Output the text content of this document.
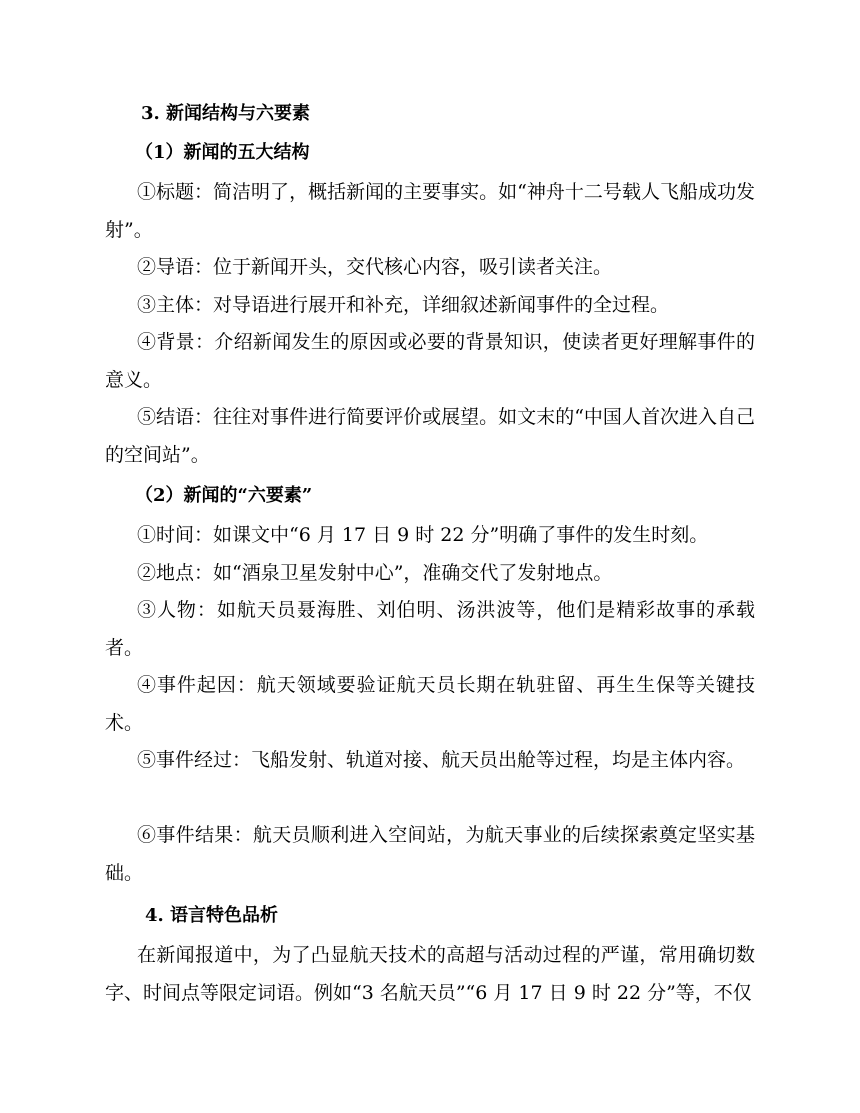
3. 新闻结构与六要素
（1）新闻的五大结构
①标题：简洁明了，概括新闻的主要事实。如“神舟十二号载人飞船成功发射”。
②导语：位于新闻开头，交代核心内容，吸引读者关注。
③主体：对导语进行展开和补充，详细叙述新闻事件的全过程。
④背景：介绍新闻发生的原因或必要的背景知识，使读者更好理解事件的意义。
⑤结语：往往对事件进行简要评价或展望。如文末的“中国人首次进入自己的空间站”。
（2）新闻的“六要素”
①时间：如课文中“6 月 17 日 9 时 22 分”明确了事件的发生时刻。
②地点：如“酒泉卫星发射中心”，准确交代了发射地点。
③人物：如航天员聂海胜、刘伯明、汤洪波等，他们是精彩故事的承载者。
④事件起因：航天领域要验证航天员长期在轨驻留、再生生保等关键技术。
⑤事件经过：飞船发射、轨道对接、航天员出舱等过程，均是主体内容。
⑥事件结果：航天员顺利进入空间站，为航天事业的后续探索奠定坚实基础。
4. 语言特色品析
在新闻报道中，为了凸显航天技术的高超与活动过程的严谨，常用确切数字、时间点等限定词语。例如“3 名航天员”“6 月 17 日 9 时 22 分”等，不仅
